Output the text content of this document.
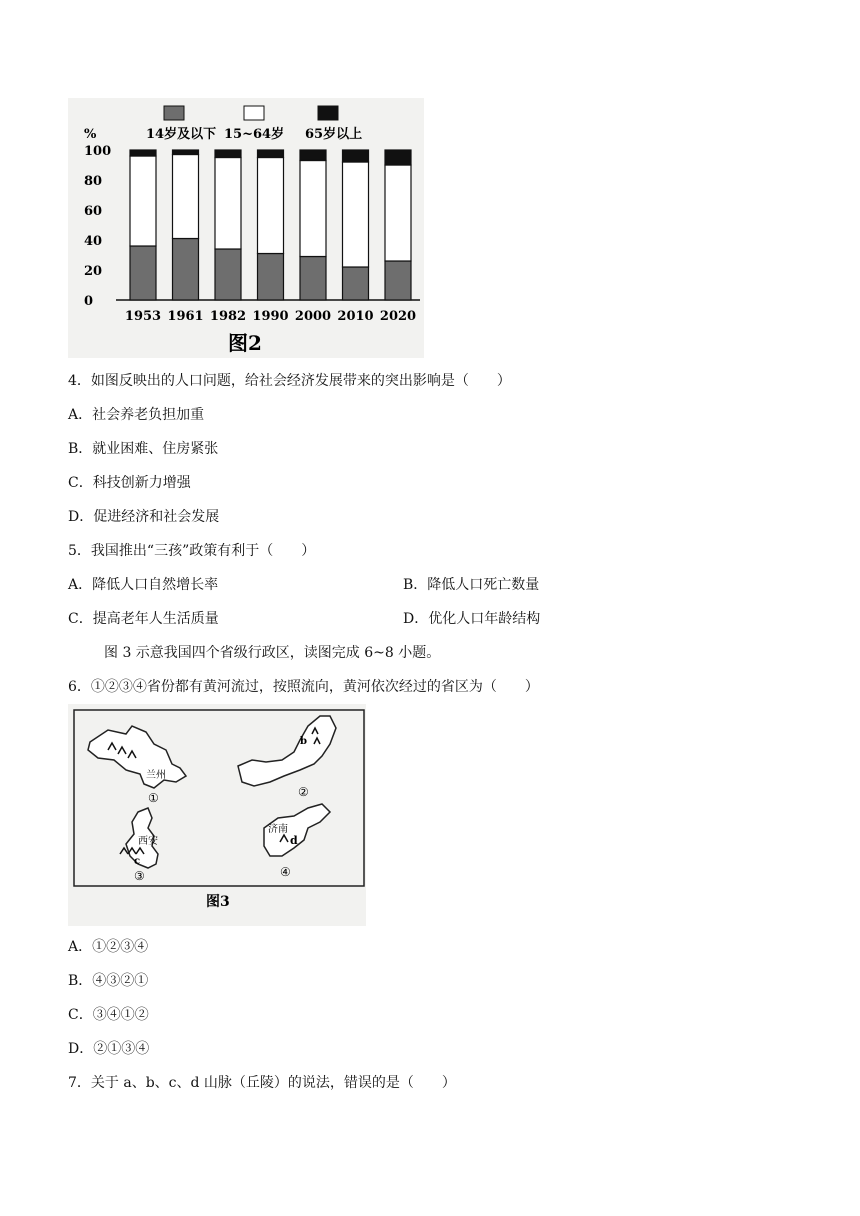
14岁及以下 15~64岁 65岁以上
%
100
80
60
40
20
0
1953 1961 1982 1990 2000 2010 2020
图2
4．如图反映出的人口问题，给社会经济发展带来的突出影响是（　　）
A．社会养老负担加重
B．就业困难、住房紧张
C．科技创新力增强
D．促进经济和社会发展
5．我国推出“三孩”政策有利于（　　）
A．降低人口自然增长率	B．降低人口死亡数量
C．提高老年人生活质量	D．优化人口年龄结构
图 3 示意我国四个省级行政区，读图完成 6~8 小题。
6．①②③④省份都有黄河流过，按照流向，黄河依次经过的省区为（　　）
兰州
①
b
②
西安
c
③
济南
d
④
图3
A．①②③④
B．④③②①
C．③④①②
D．②①③④
7．关于 a、b、c、d 山脉（丘陵）的说法，错误的是（　　）
